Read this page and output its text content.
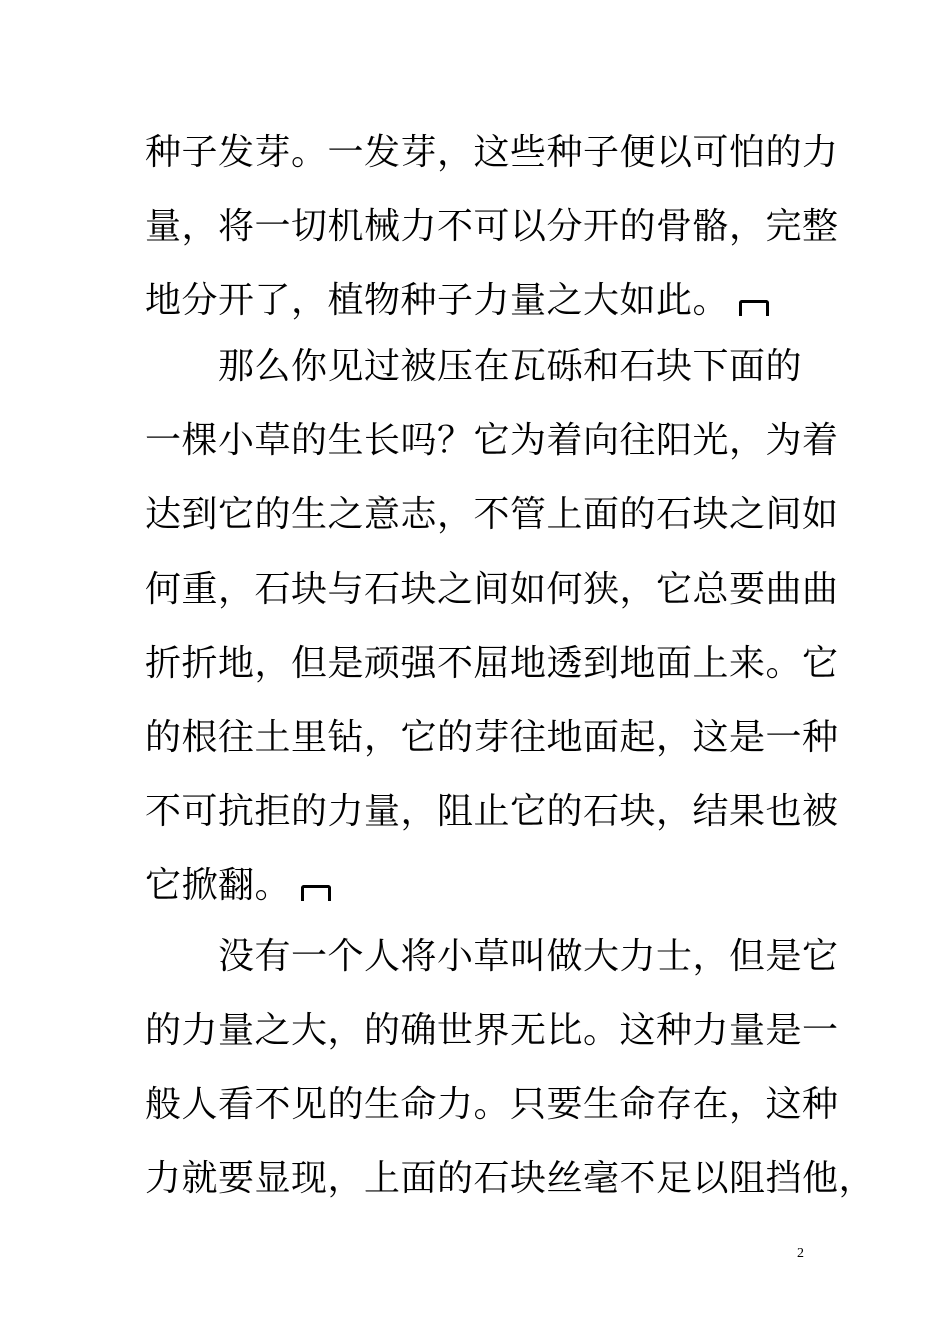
种子发芽。一发芽，这些种子便以可怕的力
量，将一切机械力不可以分开的骨骼，完整
地分开了，植物种子力量之大如此。
　　那么你见过被压在瓦砾和石块下面的
一棵小草的生长吗？它为着向往阳光，为着
达到它的生之意志，不管上面的石块之间如
何重，石块与石块之间如何狭，它总要曲曲
折折地，但是顽强不屈地透到地面上来。它
的根往土里钻，它的芽往地面起，这是一种
不可抗拒的力量，阻止它的石块，结果也被
它掀翻。
　　没有一个人将小草叫做大力士，但是它
的力量之大，的确世界无比。这种力量是一
般人看不见的生命力。只要生命存在，这种
力就要显现，上面的石块丝毫不足以阻挡他，
2
